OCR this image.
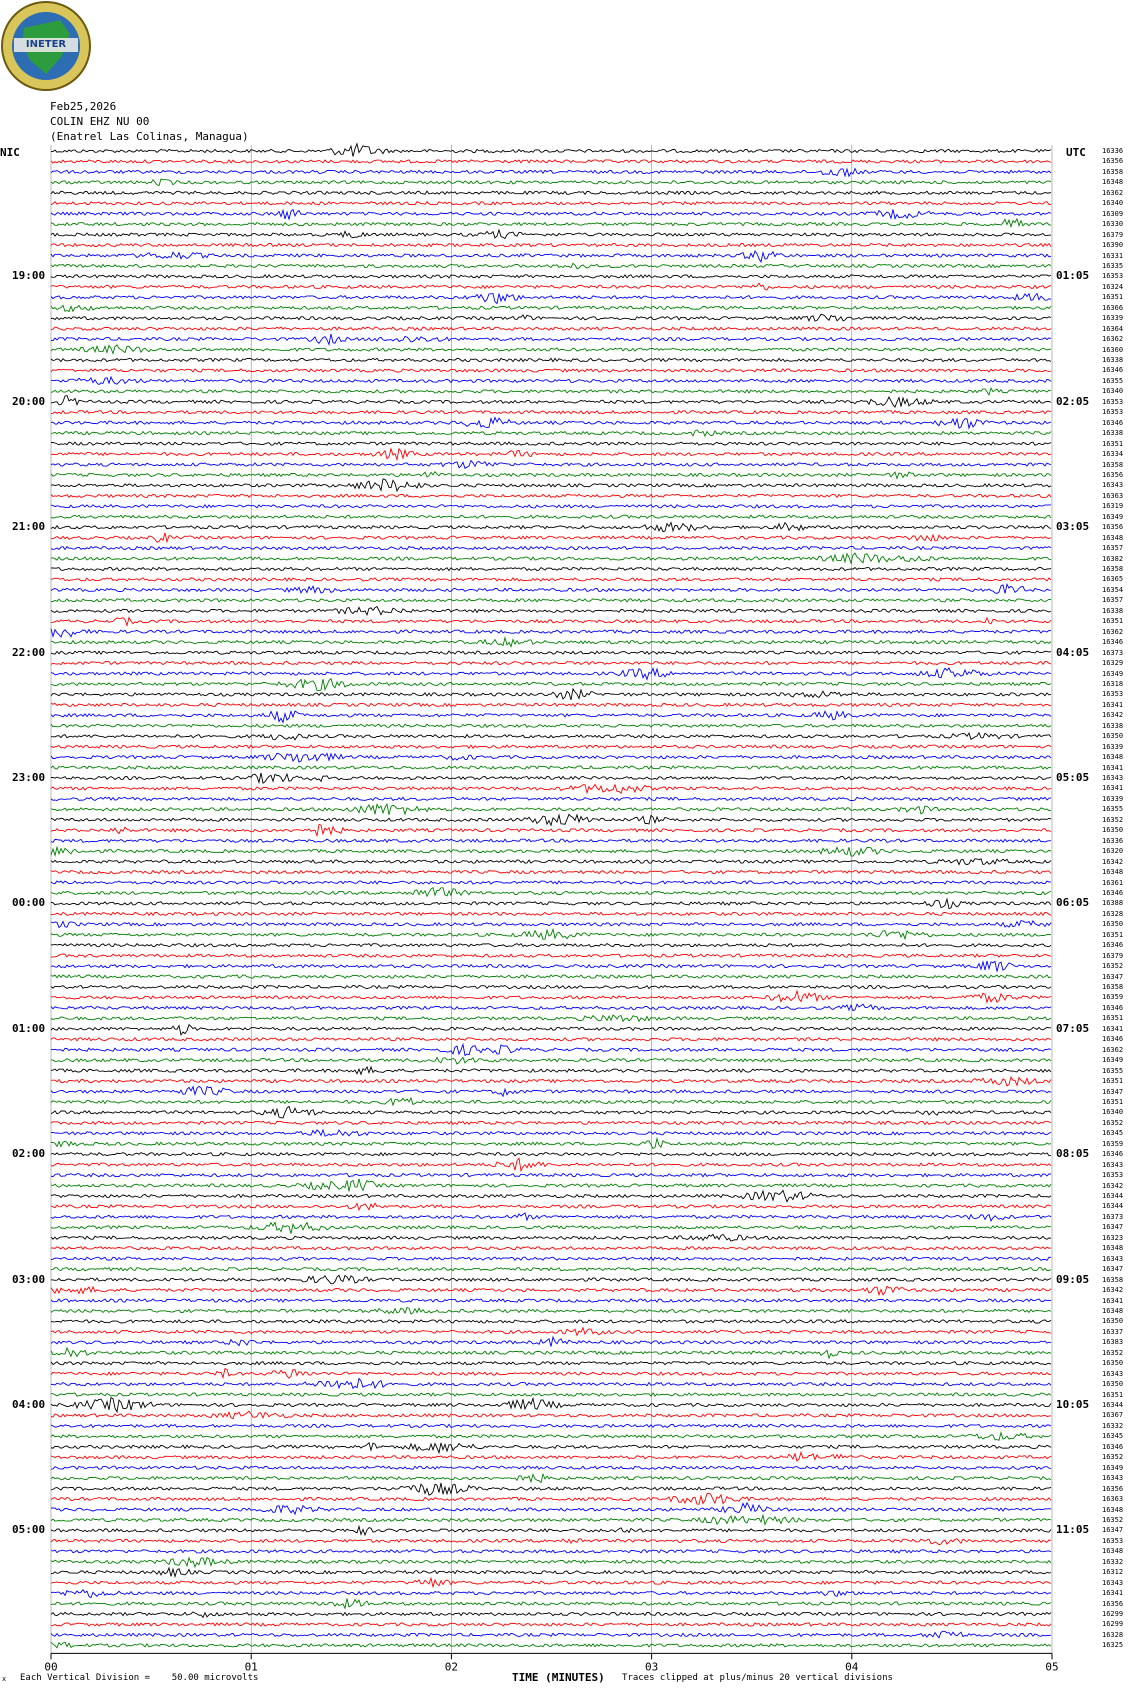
00	01	02	03	04	05
INETER
Feb25,2026
COLIN EHZ NU 00
(Enatrel Las Colinas, Managua)
NIC	UTC 16336
16356
16358
16348
16362
16340
16309
16330
16379
16390
16331
16335
16353
16324
16351
16366
16339
16364
16362
16360
16338
16346
16355
16340
16353
16353
16346
16338
16351
16334
16358
16356
16343
16363
16319
16349
16356
16348
16357
16382
16358
16365
16354
16357
16338
16351
16362
16346
16373
16329
16349
16318
16353
16341
16342
16338
16350
16339
16348
16341
16343
16341
16339
16355
16352
16350
16336
16320
16342
16348
16361
16346
16388
16328
16350
16351
16346
16379
16352
16347
16358
16359
16346
16351
16341
16346
16362
16349
16355
16351
16347
16351
16340
16352
16345
16359
16346
16343
16353
16342
16344
16344
16373
16347
16323
16348
16343
16347
16358
16342
16341
16348
16350
16337
16383
16352
16350
16343
16350
16351
16344
16367
16332
16345
16346
16352
16349
16343
16356
16363
16348
16352
16347
16353
16348
16332
16312
16343
16341
16356
16299
16299
16328
16325
19:00	01:05
20:00	02:05
21:00	03:05
22:00	04:05
23:00	05:05
00:00	06:05
01:00	07:05
02:00	08:05
03:00	09:05
04:00	10:05
05:00	11:05
x Each Vertical Division =    50.00 microvolts	TIME (MINUTES) Traces clipped at plus/minus 20 vertical divisions
